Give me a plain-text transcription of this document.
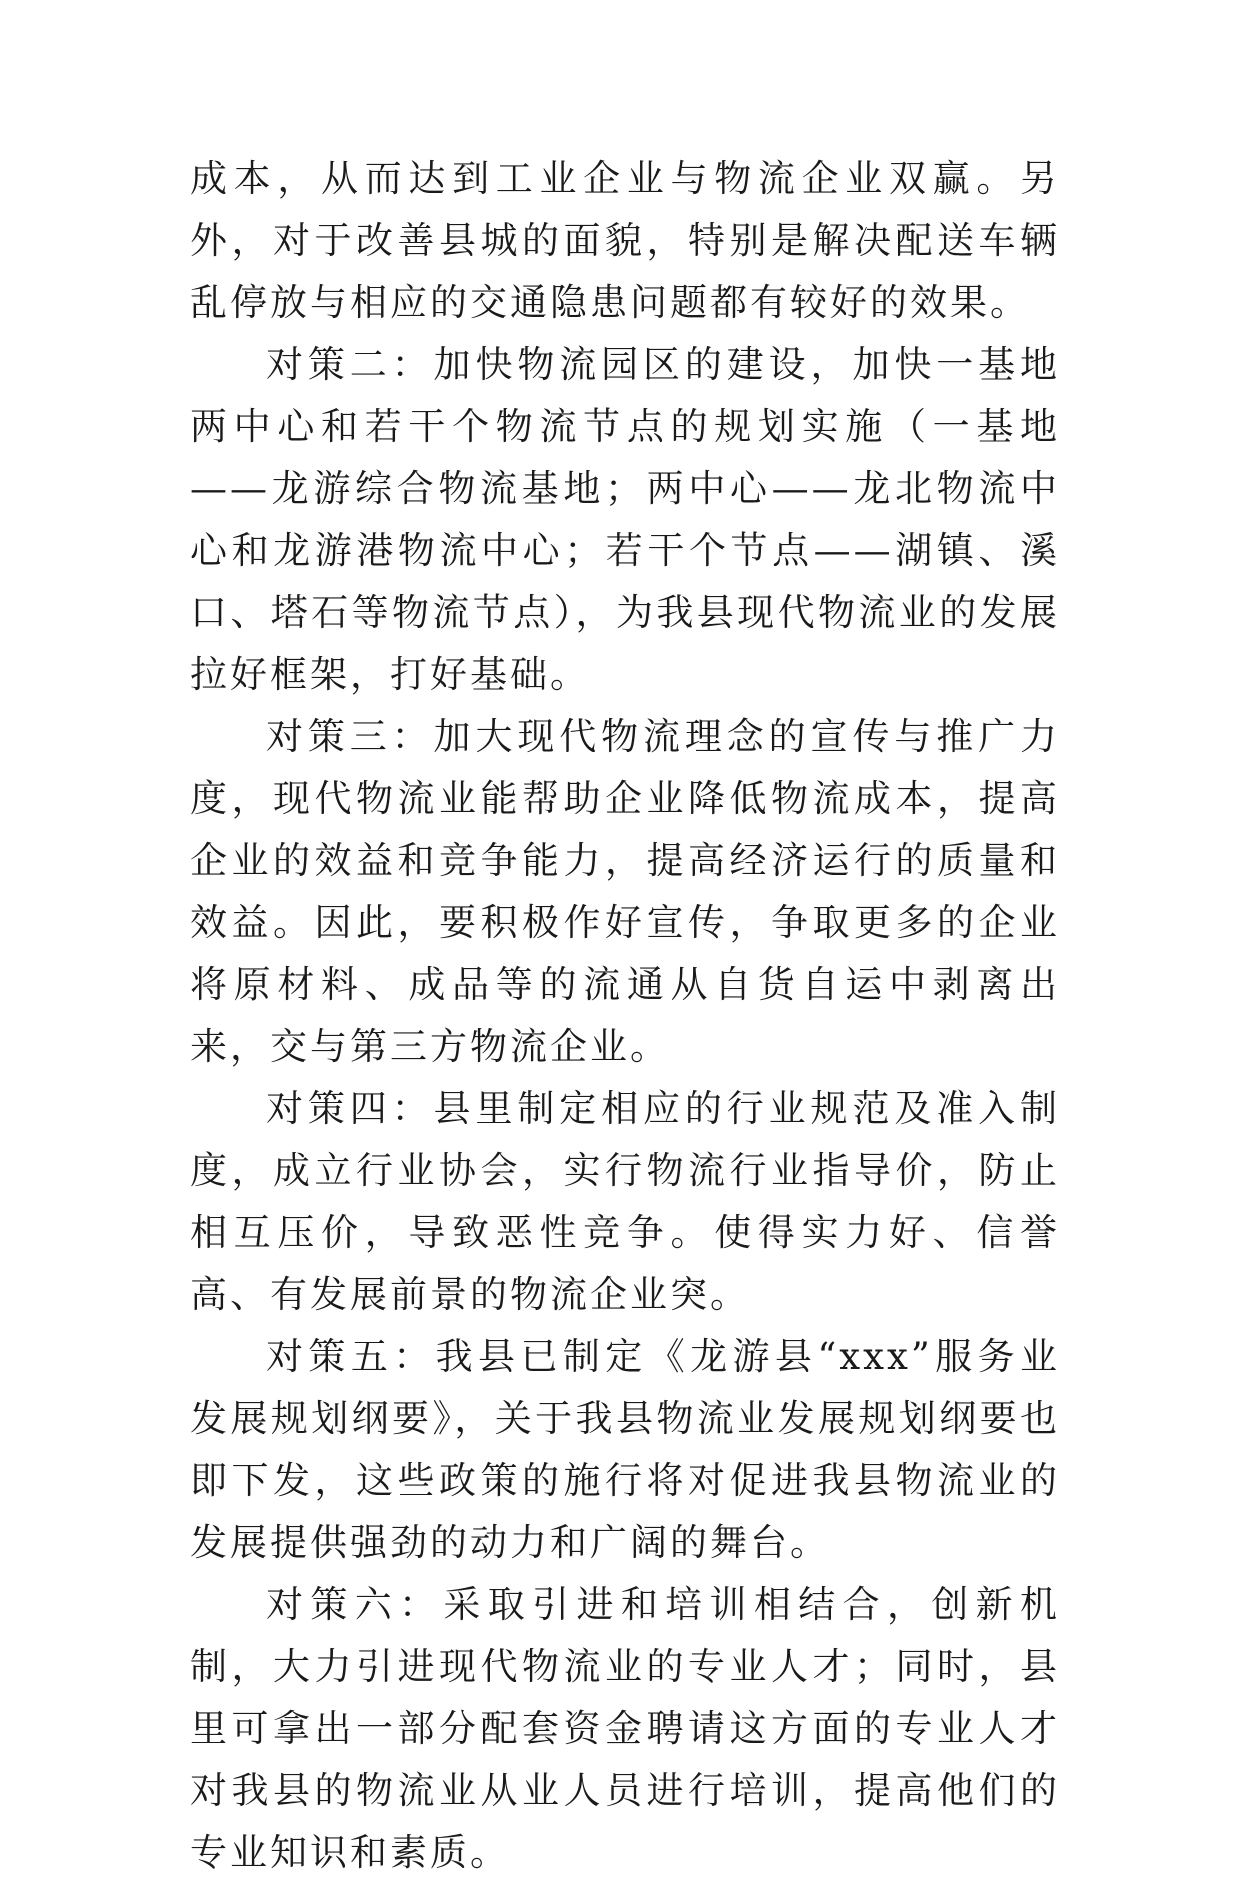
成本，从而达到工业企业与物流企业双赢。另外，对于改善县城的面貌，特别是解决配送车辆乱停放与相应的交通隐患问题都有较好的效果。

对策二：加快物流园区的建设，加快一基地两中心和若干个物流节点的规划实施（一基地——龙游综合物流基地；两中心——龙北物流中心和龙游港物流中心；若干个节点——湖镇、溪口、塔石等物流节点），为我县现代物流业的发展拉好框架，打好基础。

对策三：加大现代物流理念的宣传与推广力度，现代物流业能帮助企业降低物流成本，提高企业的效益和竞争能力，提高经济运行的质量和效益。因此，要积极作好宣传，争取更多的企业将原材料、成品等的流通从自货自运中剥离出来，交与第三方物流企业。

对策四：县里制定相应的行业规范及准入制度，成立行业协会，实行物流行业指导价，防止相互压价，导致恶性竞争。使得实力好、信誉高、有发展前景的物流企业突。

对策五：我县已制定《龙游县“xxx”服务业发展规划纲要》，关于我县物流业发展规划纲要也即下发，这些政策的施行将对促进我县物流业的发展提供强劲的动力和广阔的舞台。

对策六：采取引进和培训相结合，创新机制，大力引进现代物流业的专业人才；同时，县里可拿出一部分配套资金聘请这方面的专业人才对我县的物流业从业人员进行培训，提高他们的专业知识和素质。
